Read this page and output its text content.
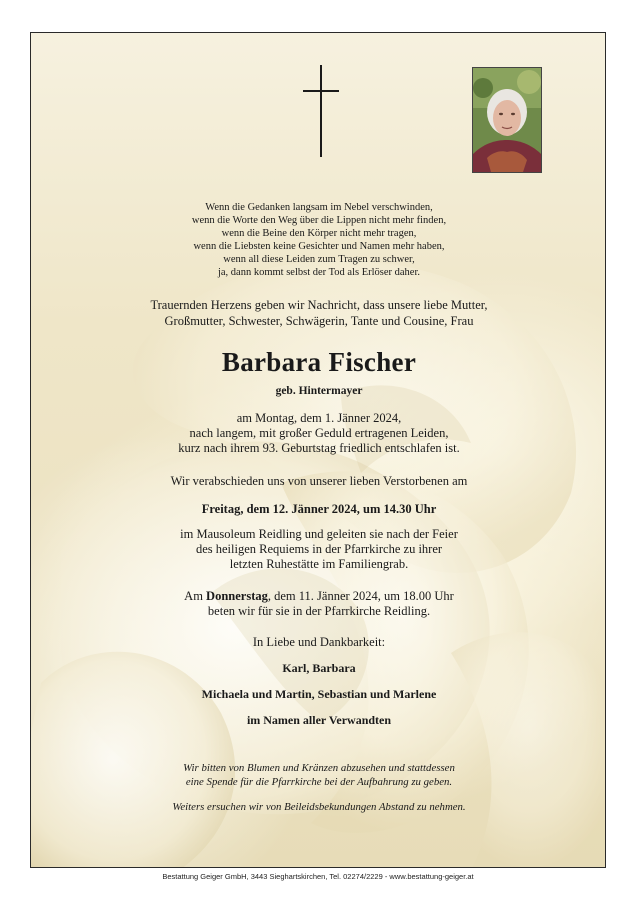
Wenn die Gedanken langsam im Nebel verschwinden,
wenn die Worte den Weg über die Lippen nicht mehr finden,
wenn die Beine den Körper nicht mehr tragen,
wenn die Liebsten keine Gesichter und Namen mehr haben,
wenn all diese Leiden zum Tragen zu schwer,
ja, dann kommt selbst der Tod als Erlöser daher.
Trauernden Herzens geben wir Nachricht, dass unsere liebe Mutter,
Großmutter, Schwester, Schwägerin, Tante und Cousine, Frau
Barbara Fischer
geb. Hintermayer
am Montag, dem 1. Jänner 2024,
nach langem, mit großer Geduld ertragenen Leiden,
kurz nach ihrem 93. Geburtstag friedlich entschlafen ist.
Wir verabschieden uns von unserer lieben Verstorbenen am
Freitag, dem 12. Jänner 2024, um 14.30 Uhr
im Mausoleum Reidling und geleiten sie nach der Feier
des heiligen Requiems in der Pfarrkirche zu ihrer
letzten Ruhestätte im Familiengrab.
Am Donnerstag, dem 11. Jänner 2024, um 18.00 Uhr
beten wir für sie in der Pfarrkirche Reidling.
In Liebe und Dankbarkeit:
Karl, Barbara
Michaela und Martin, Sebastian und Marlene
im Namen aller Verwandten
Wir bitten von Blumen und Kränzen abzusehen und stattdessen
eine Spende für die Pfarrkirche bei der Aufbahrung zu geben.
Weiters ersuchen wir von Beileidsbekundungen Abstand zu nehmen.
Bestattung Geiger GmbH, 3443 Sieghartskirchen, Tel. 02274/2229 - www.bestattung-geiger.at
